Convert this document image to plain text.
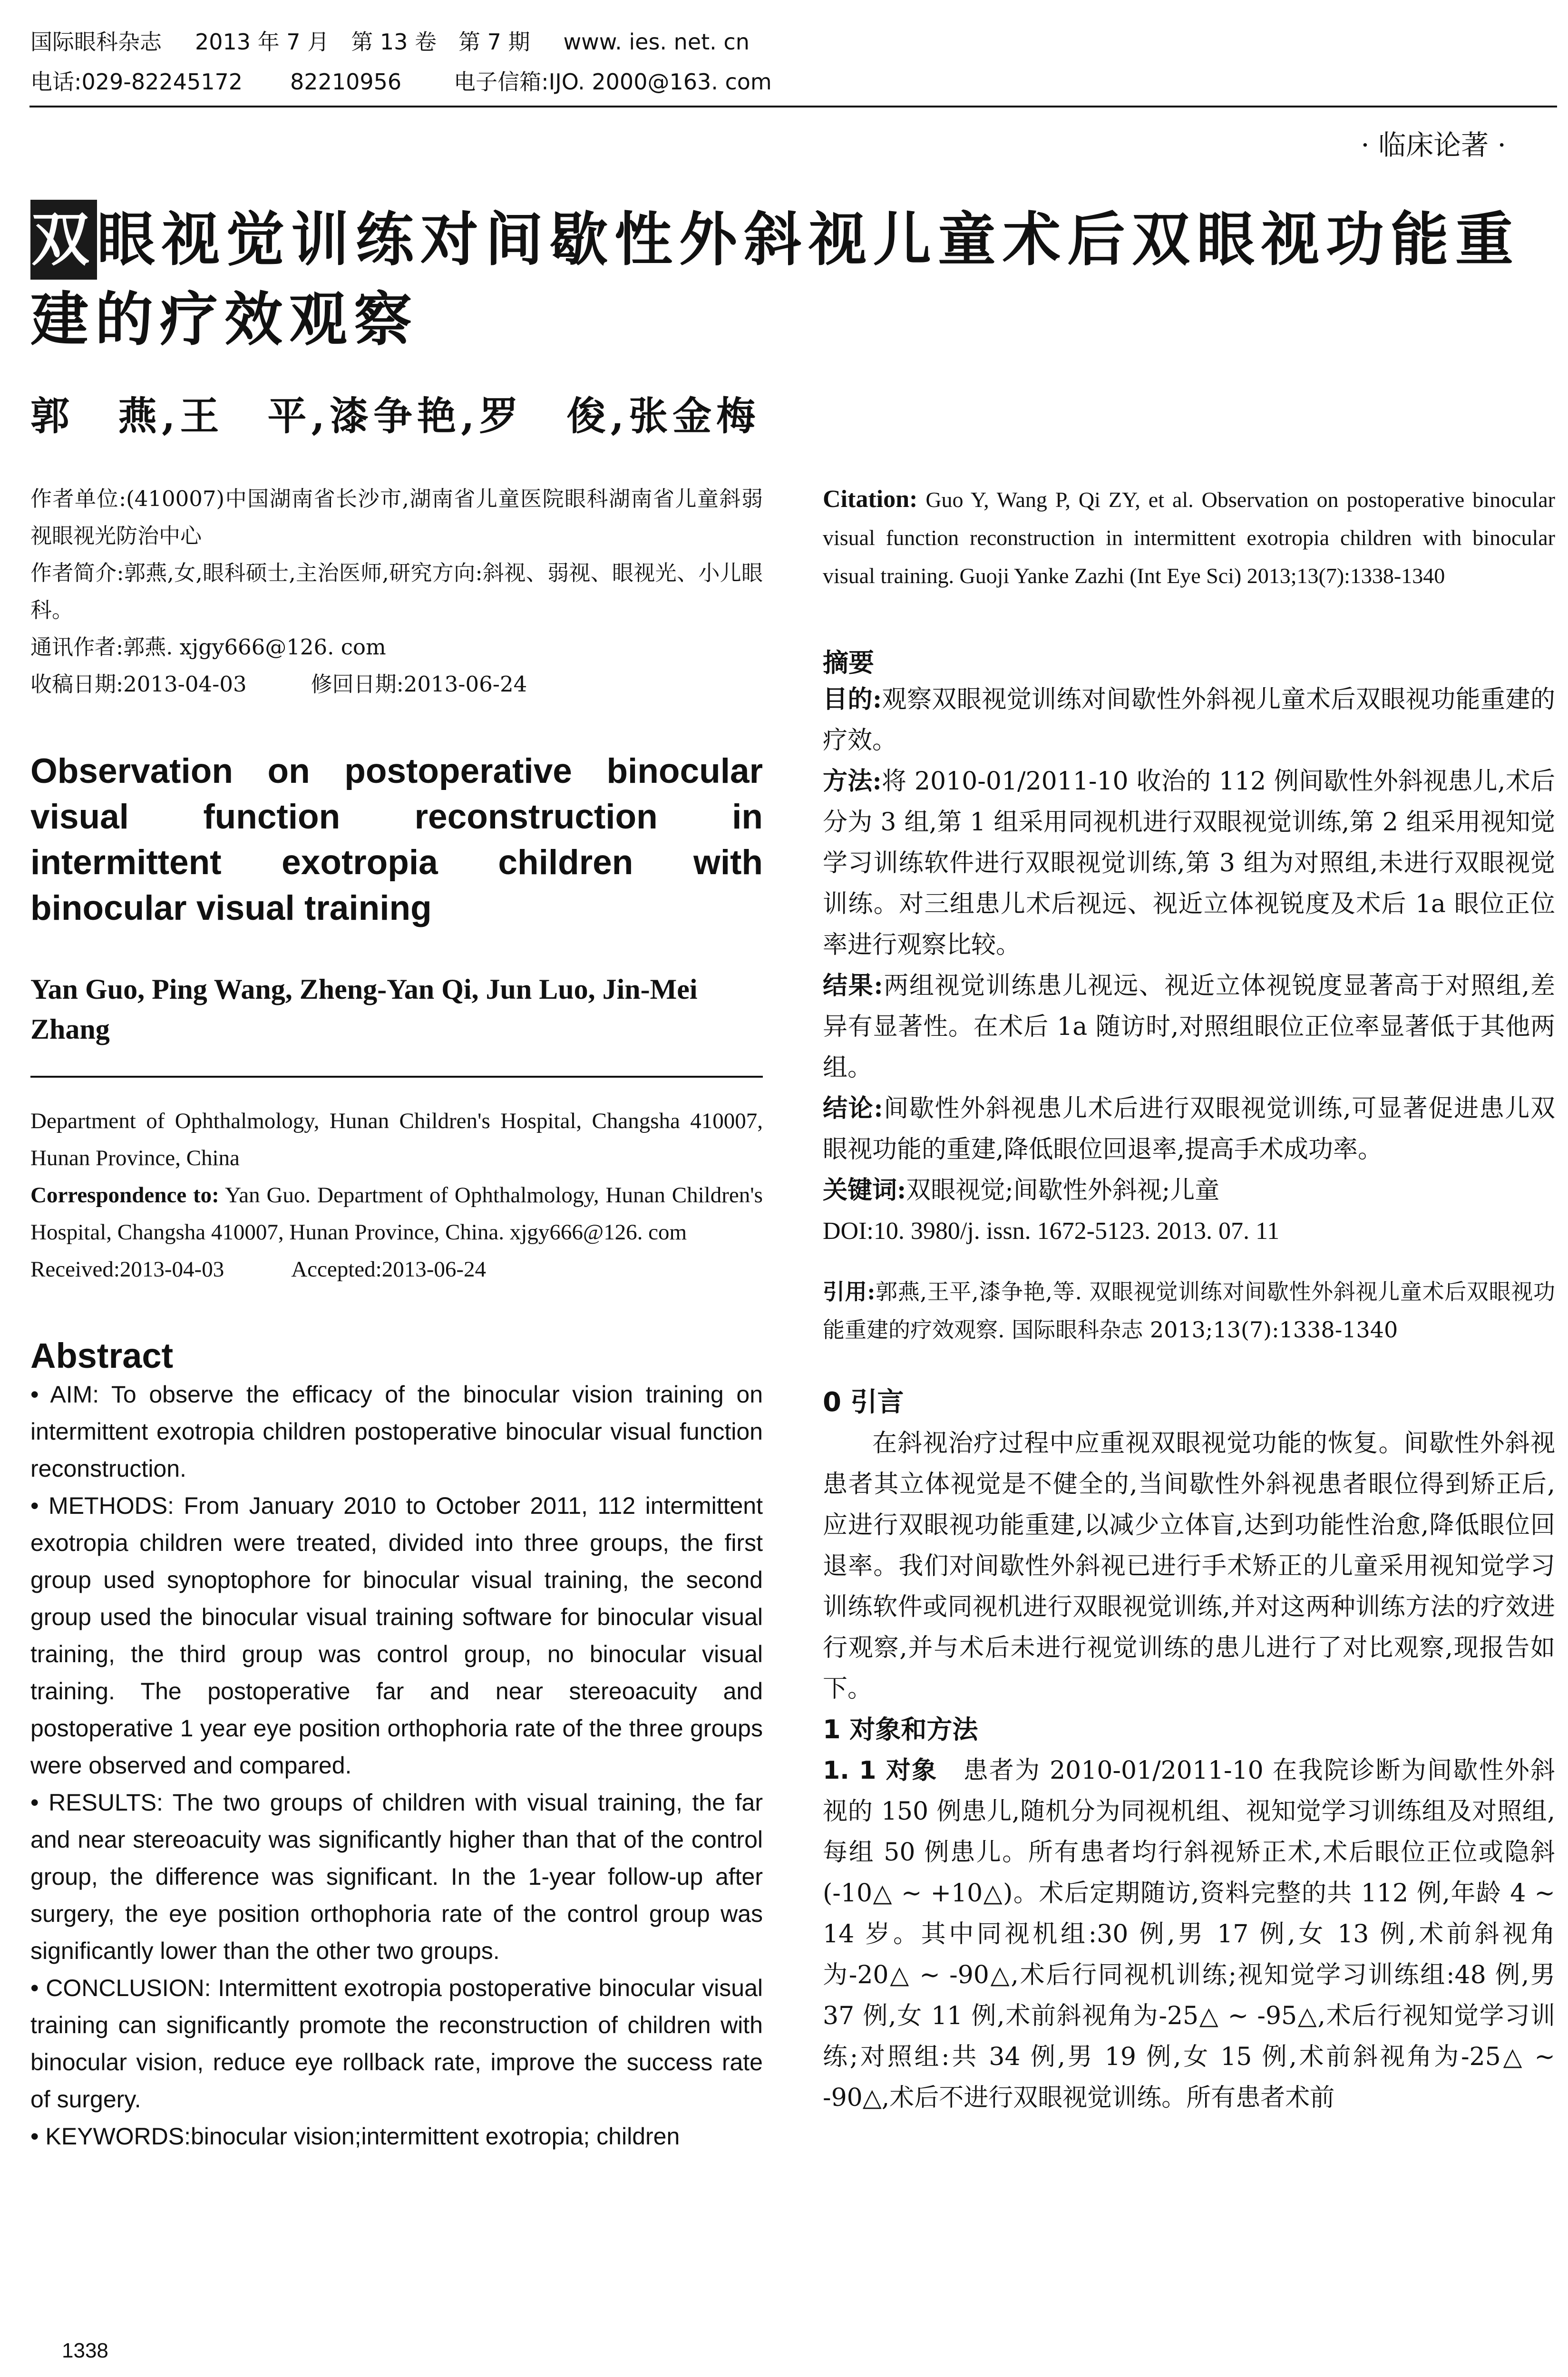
国际眼科杂志 2013 年 7 月　第 13 卷　第 7 期 www. ies. net. cn
电话:029-82245172 82210956 电子信箱:IJO. 2000@163. com
· 临床论著 ·
双眼视觉训练对间歇性外斜视儿童术后双眼视功能重建的疗效观察
郭　燕,王　平,漆争艳,罗　俊,张金梅
作者单位:(410007)中国湖南省长沙市,湖南省儿童医院眼科湖南省儿童斜弱视眼视光防治中心
作者简介:郭燕,女,眼科硕士,主治医师,研究方向:斜视、弱视、眼视光、小儿眼科。
通讯作者:郭燕. xjgy666@126. com
收稿日期:2013-04-03　　　修回日期:2013-06-24
Observation on postoperative binocular visual function reconstruction in intermittent exotropia children with binocular visual training
Yan Guo, Ping Wang, Zheng-Yan Qi, Jun Luo, Jin-Mei Zhang
Department of Ophthalmology, Hunan Children's Hospital, Changsha 410007, Hunan Province, China
Correspondence to: Yan Guo. Department of Ophthalmology, Hunan Children's Hospital, Changsha 410007, Hunan Province, China. xjgy666@126. com
Received:2013-04-03　　　Accepted:2013-06-24
Abstract

• AIM: To observe the efficacy of the binocular vision training on intermittent exotropia children postoperative binocular visual function reconstruction.

• METHODS: From January 2010 to October 2011, 112 intermittent exotropia children were treated, divided into three groups, the first group used synoptophore for binocular visual training, the second group used the binocular visual training software for binocular visual training, the third group was control group, no binocular visual training. The postoperative far and near stereoacuity and postoperative 1 year eye position orthophoria rate of the three groups were observed and compared.

• RESULTS: The two groups of children with visual training, the far and near stereoacuity was significantly higher than that of the control group, the difference was significant. In the 1-year follow-up after surgery, the eye position orthophoria rate of the control group was significantly lower than the other two groups.

• CONCLUSION: Intermittent exotropia postoperative binocular visual training can significantly promote the reconstruction of children with binocular vision, reduce eye rollback rate, improve the success rate of surgery.

• KEYWORDS:binocular vision;intermittent exotropia; children

Citation: Guo Y, Wang P, Qi ZY, et al. Observation on postoperative binocular visual function reconstruction in intermittent exotropia children with binocular visual training. Guoji Yanke Zazhi (Int Eye Sci) 2013;13(7):1338-1340
摘要

目的:观察双眼视觉训练对间歇性外斜视儿童术后双眼视功能重建的疗效。

方法:将 2010-01/2011-10 收治的 112 例间歇性外斜视患儿,术后分为 3 组,第 1 组采用同视机进行双眼视觉训练,第 2 组采用视知觉学习训练软件进行双眼视觉训练,第 3 组为对照组,未进行双眼视觉训练。对三组患儿术后视远、视近立体视锐度及术后 1a 眼位正位率进行观察比较。

结果:两组视觉训练患儿视远、视近立体视锐度显著高于对照组,差异有显著性。在术后 1a 随访时,对照组眼位正位率显著低于其他两组。

结论:间歇性外斜视患儿术后进行双眼视觉训练,可显著促进患儿双眼视功能的重建,降低眼位回退率,提高手术成功率。

关键词:双眼视觉;间歇性外斜视;儿童

DOI:10. 3980/j. issn. 1672-5123. 2013. 07. 11
引用:郭燕,王平,漆争艳,等. 双眼视觉训练对间歇性外斜视儿童术后双眼视功能重建的疗效观察. 国际眼科杂志 2013;13(7):1338-1340
0 引言

在斜视治疗过程中应重视双眼视觉功能的恢复。间歇性外斜视患者其立体视觉是不健全的,当间歇性外斜视患者眼位得到矫正后,应进行双眼视功能重建,以减少立体盲,达到功能性治愈,降低眼位回退率。我们对间歇性外斜视已进行手术矫正的儿童采用视知觉学习训练软件或同视机进行双眼视觉训练,并对这两种训练方法的疗效进行观察,并与术后未进行视觉训练的患儿进行了对比观察,现报告如下。

1 对象和方法

1. 1 对象　 患者为 2010-01/2011-10 在我院诊断为间歇性外斜视的 150 例患儿,随机分为同视机组、视知觉学习训练组及对照组,每组 50 例患儿。所有患者均行斜视矫正术,术后眼位正位或隐斜(-10△ ~ +10△)。术后定期随访,资料完整的共 112 例,年龄 4 ~ 14 岁。其中同视机组:30 例,男 17 例,女 13 例,术前斜视角为-20△ ~ -90△,术后行同视机训练;视知觉学习训练组:48 例,男 37 例,女 11 例,术前斜视角为-25△ ~ -95△,术后行视知觉学习训练;对照组:共 34 例,男 19 例,女 15 例,术前斜视角为-25△ ~ -90△,术后不进行双眼视觉训练。所有患者术前

1338
